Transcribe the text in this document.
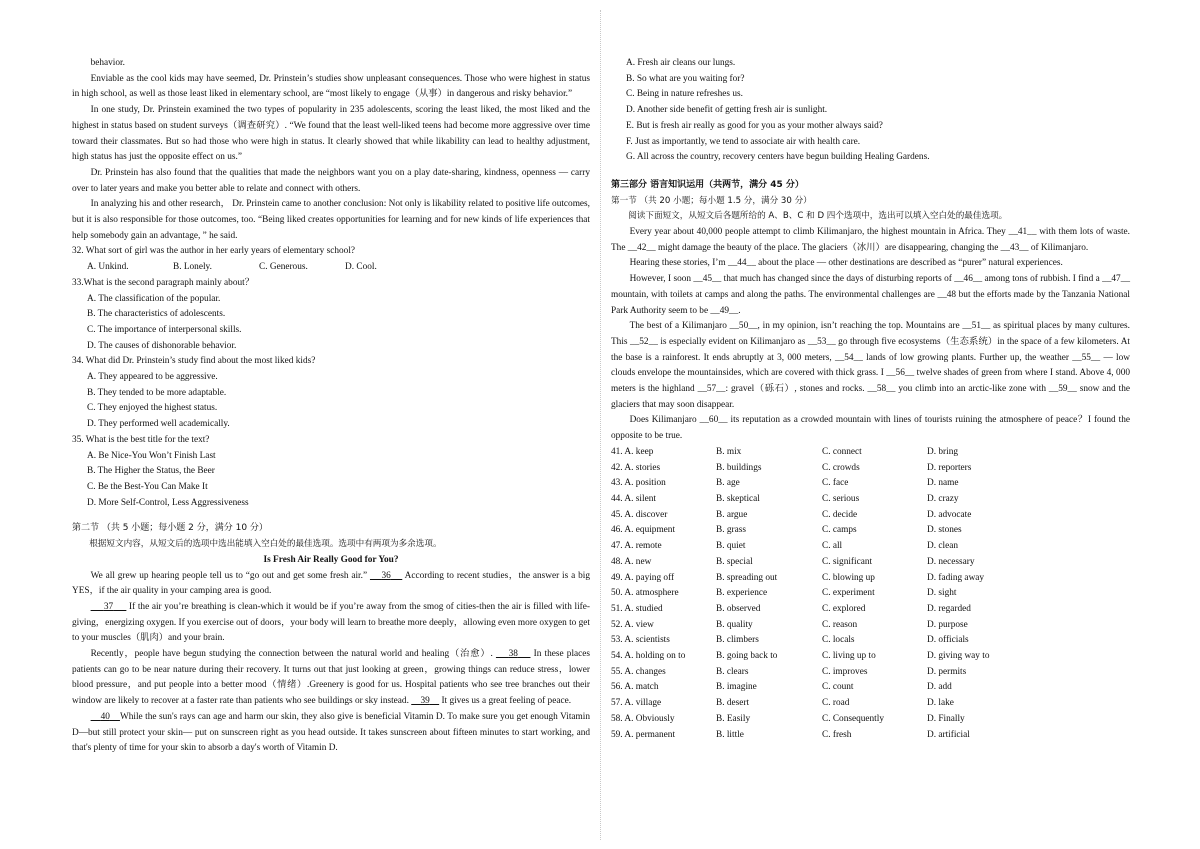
behavior.

Enviable as the cool kids may have seemed, Dr. Prinstein’s studies show unpleasant consequences. Those who were highest in status in high school, as well as those least liked in elementary school, are “most likely to engage（从事）in dangerous and risky behavior.”

In one study, Dr. Prinstein examined the two types of popularity in 235 adolescents, scoring the least liked, the most liked and the highest in status based on student surveys（调查研究）. “We found that the least well-liked teens had become more aggressive over time toward their classmates. But so had those who were high in status. It clearly showed that while likability can lead to healthy adjustment, high status has just the opposite effect on us.”

Dr. Prinstein has also found that the qualities that made the neighbors want you on a play date-sharing, kindness, openness — carry over to later years and make you better able to relate and connect with others.

In analyzing his and other research， Dr. Prinstein came to another conclusion: Not only is likability related to positive life outcomes, but it is also responsible for those outcomes, too. “Being liked creates opportunities for learning and for new kinds of life experiences that help somebody gain an advantage, ” he said.

32. What sort of girl was the author in her early years of elementary school?

A. Unkind.	B. Lonely.	C. Generous.	D. Cool.

33.What is the second paragraph mainly about？

A. The classification of the popular.

B. The characteristics of adolescents.

C. The importance of interpersonal skills.

D. The causes of dishonorable behavior.

34. What did Dr. Prinstein’s study find about the most liked kids?

A. They appeared to be aggressive.

B. They tended to be more adaptable.

C. They enjoyed the highest status.

D. They performed well academically.

35. What is the best title for the text?

A. Be Nice-You Won’t Finish Last

B. The Higher the Status, the Beer

C. Be the Best-You Can Make It

D. More Self-Control, Less Aggressiveness

第二节 （共 5 小题；每小题 2 分，满分 10 分）

根据短文内容，从短文后的选项中选出能填入空白处的最佳选项。选项中有两项为多余选项。

Is Fresh Air Really Good for You?

We all grew up hearing people tell us to “go out and get some fresh air.”     36     According to recent studies，the answer is a big YES，if the air quality in your camping area is good.

37      If the air you’re breathing is clean-which it would be if you’re away from the smog of cities-then the air is filled with life-giving，energizing oxygen. If you exercise out of doors，your body will learn to breathe more deeply，allowing even more oxygen to get to your muscles（肌肉）and your brain.

Recently，people have begun studying the connection between the natural world and healing（治愈）.     38     In these places patients can go to be near nature during their recovery. It turns out that just looking at green，growing things can reduce stress，lower blood pressure，and put people into a better mood（情绪）.Greenery is good for us. Hospital patients who see tree branches out their window are likely to recover at a faster rate than patients who see buildings or sky instead.     39     It gives us a great feeling of peace.

40 While the sun's rays can age and harm our skin, they also give is beneficial Vitamin D. To make sure you get enough Vitamin D—but still protect your skin— put on sunscreen right as you head outside. It takes sunscreen about fifteen minutes to start working, and that's plenty of time for your skin to absorb a day's worth of Vitamin D.

A. Fresh air cleans our lungs.

B. So what are you waiting for?

C. Being in nature refreshes us.

D. Another side benefit of getting fresh air is sunlight.

E. But is fresh air really as good for you as your mother always said?

F. Just as importantly, we tend to associate air with health care.

G. All across the country, recovery centers have begun building Healing Gardens.

第三部分 语言知识运用（共两节，满分 45 分）

第一节 （共 20 小题；每小题 1.5 分，满分 30 分）

阅读下面短文，从短文后各题所给的 A、B、C 和 D 四个选项中，选出可以填入空白处的最佳选项。

Every year about 40,000 people attempt to climb Kilimanjaro, the highest mountain in Africa. They __41__ with them lots of waste. The __42__ might damage the beauty of the place. The glaciers（冰川）are disappearing, changing the __43__ of Kilimanjaro.

Hearing these stories, I’m __44__ about the place — other destinations are described as “purer” natural experiences.

However, I soon __45__ that much has changed since the days of disturbing reports of __46__ among tons of rubbish. I find a __47__ mountain, with toilets at camps and along the paths. The environmental challenges are __48 but the efforts made by the Tanzania National Park Authority seem to be __49__.

The best of a Kilimanjaro __50__, in my opinion, isn’t reaching the top. Mountains are __51__ as spiritual places by many cultures. This __52__ is especially evident on Kilimanjaro as __53__ go through five ecosystems（生态系统）in the space of a few kilometers. At the base is a rainforest. It ends abruptly at 3, 000 meters, __54__ lands of low growing plants. Further up, the weather __55__ — low clouds envelope the mountainsides, which are covered with thick grass. I __56__ twelve shades of green from where I stand. Above 4, 000 meters is the highland __57__: gravel（砾石）, stones and rocks. __58__ you climb into an arctic-like zone with __59__ snow and the glaciers that may soon disappear.

Does Kilimanjaro __60__ its reputation as a crowded mountain with lines of tourists ruining the atmosphere of peace？I found the opposite to be true.

41. A. keep	B. mix	C. connect	D. bring
42. A. stories	B. buildings	C. crowds	D. reporters
43. A. position	B. age	C. face	D. name
44. A. silent	B. skeptical	C. serious	D. crazy
45. A. discover	B. argue	C. decide	D. advocate
46. A. equipment	B. grass	C. camps	D. stones
47. A. remote	B. quiet	C. all	D. clean
48. A. new	B. special	C. significant	D. necessary
49. A. paying off	B. spreading out	C. blowing up	D. fading away
50. A. atmosphere	B. experience	C. experiment	D. sight
51. A. studied	B. observed	C. explored	D. regarded
52. A. view	B. quality	C. reason	D. purpose
53. A. scientists	B. climbers	C. locals	D. officials
54. A. holding on to	B. going back to	C. living up to	D. giving way to
55. A. changes	B. clears	C. improves	D. permits
56. A. match	B. imagine	C. count	D. add
57. A. village	B. desert	C. road	D. lake
58. A. Obviously	B. Easily	C. Consequently	D. Finally
59. A. permanent	B. little	C. fresh	D. artificial
